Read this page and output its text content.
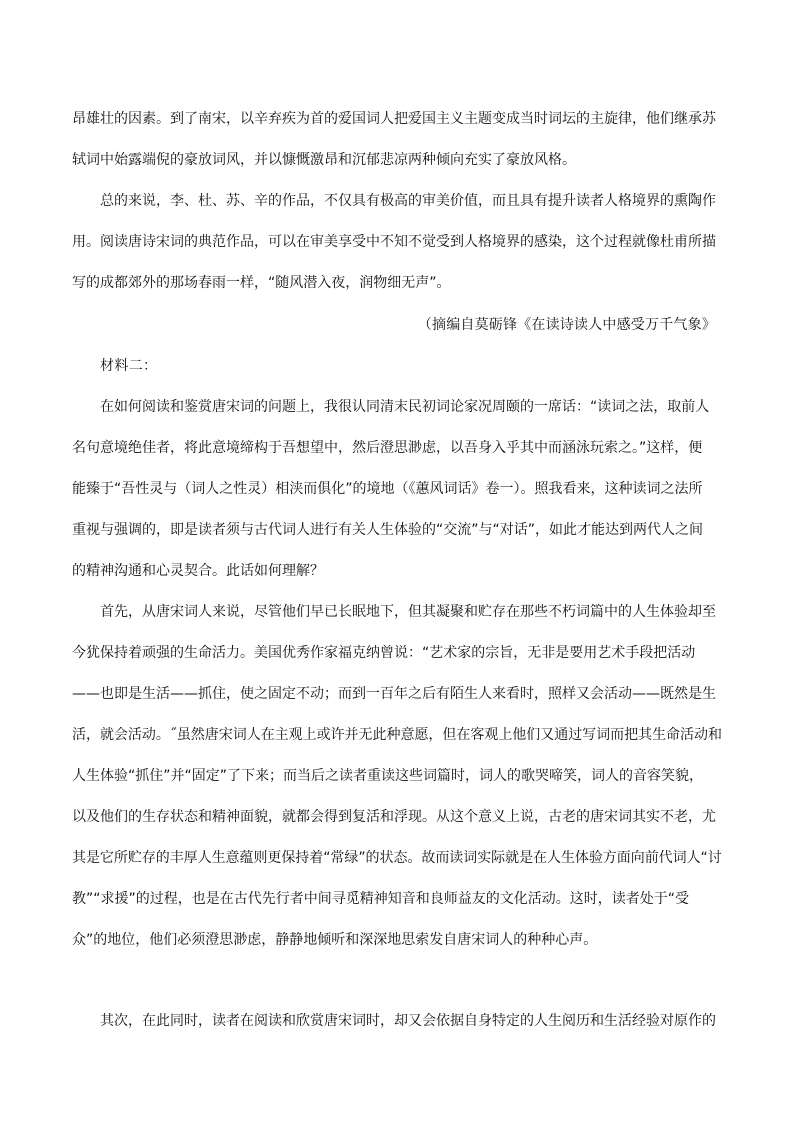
昂雄壮的因素。到了南宋，以辛弃疾为首的爱国词人把爱国主义主题变成当时词坛的主旋律，他们继承苏
轼词中始露端倪的豪放词风，并以慷慨激昂和沉郁悲凉两种倾向充实了豪放风格。
总的来说，李、杜、苏、辛的作品，不仅具有极高的审美价值，而且具有提升读者人格境界的熏陶作
用。阅读唐诗宋词的典范作品，可以在审美享受中不知不觉受到人格境界的感染，这个过程就像杜甫所描
写的成都郊外的那场春雨一样，“随风潜入夜，润物细无声”。
（摘编自莫砺锋《在读诗读人中感受万千气象》
材料二：
在如何阅读和鉴赏唐宋词的问题上，我很认同清末民初词论家况周颐的一席话：“读词之法，取前人
名句意境绝佳者，将此意境缔构于吾想望中，然后澄思渺虑，以吾身入乎其中而涵泳玩索之。”这样，便
能臻于“吾性灵与（词人之性灵）相浃而俱化”的境地（《蕙风词话》卷一）。照我看来，这种读词之法所
重视与强调的，即是读者须与古代词人进行有关人生体验的“交流”与“对话”，如此才能达到两代人之间
的精神沟通和心灵契合。此话如何理解？
首先，从唐宋词人来说，尽管他们早已长眠地下，但其凝聚和贮存在那些不朽词篇中的人生体验却至
今犹保持着顽强的生命活力。美国优秀作家福克纳曾说：“艺术家的宗旨，无非是要用艺术手段把活动
——也即是生活——抓住，使之固定不动；而到一百年之后有陌生人来看时，照样又会活动——既然是生
活，就会活动。˝虽然唐宋词人在主观上或许并无此种意愿，但在客观上他们又通过写词而把其生命活动和
人生体验“抓住”并“固定”了下来；而当后之读者重读这些词篇时，词人的歌哭啼笑，词人的音容笑貌，
以及他们的生存状态和精神面貌，就都会得到复活和浮现。从这个意义上说，古老的唐宋词其实不老，尤
其是它所贮存的丰厚人生意蕴则更保持着“常绿”的状态。故而读词实际就是在人生体验方面向前代词人“讨
教”“求援”的过程，也是在古代先行者中间寻觅精神知音和良师益友的文化活动。这时，读者处于“受
众”的地位，他们必须澄思渺虑，静静地倾听和深深地思索发自唐宋词人的种种心声。
其次，在此同时，读者在阅读和欣赏唐宋词时，却又会依据自身特定的人生阅历和生活经验对原作的
